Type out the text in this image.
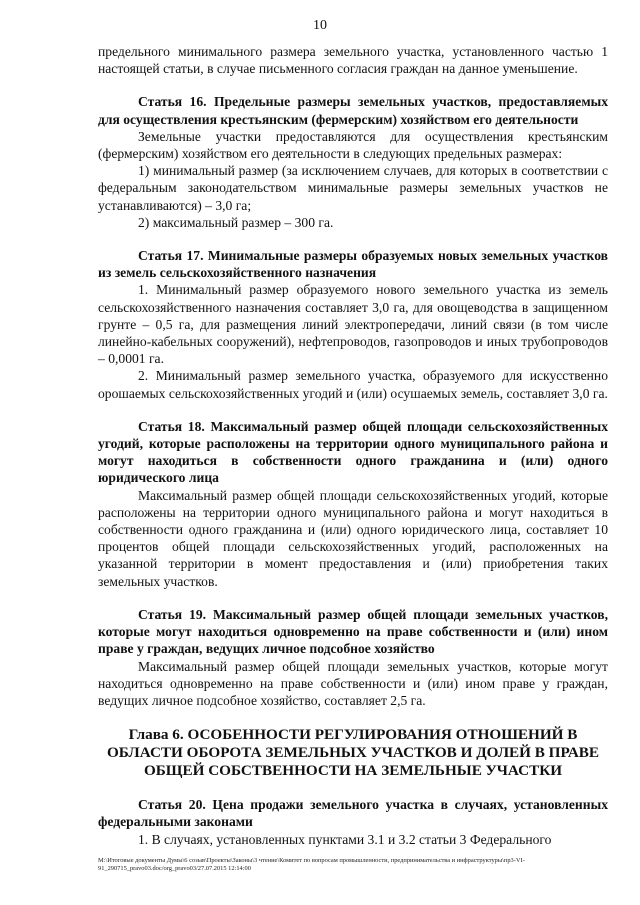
10

предельного минимального размера земельного участка, установленного частью 1 настоящей статьи, в случае письменного согласия граждан на данное уменьшение.

Статья 16. Предельные размеры земельных участков, предоставляемых для осуществления крестьянским (фермерским) хозяйством его деятельности

Земельные участки предоставляются для осуществления крестьянским (фермерским) хозяйством его деятельности в следующих предельных размерах:

1) минимальный размер (за исключением случаев, для которых в соответствии с федеральным законодательством минимальные размеры земельных участков не устанавливаются) – 3,0 га;

2) максимальный размер – 300 га.

Статья 17. Минимальные размеры образуемых новых земельных участков из земель сельскохозяйственного назначения

1. Минимальный размер образуемого нового земельного участка из земель сельскохозяйственного назначения составляет 3,0 га, для овощеводства в защищенном грунте – 0,5 га, для размещения линий электропередачи, линий связи (в том числе линейно-кабельных сооружений), нефтепроводов, газопроводов и иных трубопроводов – 0,0001 га.

2. Минимальный размер земельного участка, образуемого для искусственно орошаемых сельскохозяйственных угодий и (или) осушаемых земель, составляет 3,0 га.

Статья 18. Максимальный размер общей площади сельскохозяйственных угодий, которые расположены на территории одного муниципального района и могут находиться в собственности одного гражданина и (или) одного юридического лица

Максимальный размер общей площади сельскохозяйственных угодий, которые расположены на территории одного муниципального района и могут находиться в собственности одного гражданина и (или) одного юридического лица, составляет 10 процентов общей площади сельскохозяйственных угодий, расположенных на указанной территории в момент предоставления и (или) приобретения таких земельных участков.

Статья 19. Максимальный размер общей площади земельных участков, которые могут находиться одновременно на праве собственности и (или) ином праве у граждан, ведущих личное подсобное хозяйство

Максимальный размер общей площади земельных участков, которые могут находиться одновременно на праве собственности и (или) ином праве у граждан, ведущих личное подсобное хозяйство, составляет 2,5 га.

Глава 6. ОСОБЕННОСТИ РЕГУЛИРОВАНИЯ ОТНОШЕНИЙ В ОБЛАСТИ ОБОРОТА ЗЕМЕЛЬНЫХ УЧАСТКОВ И ДОЛЕЙ В ПРАВЕ ОБЩЕЙ СОБСТВЕННОСТИ НА ЗЕМЕЛЬНЫЕ УЧАСТКИ
Статья 20. Цена продажи земельного участка в случаях, установленных федеральными законами

1. В случаях, установленных пунктами 3.1 и 3.2 статьи 3 Федерального

M:\Итоговые документы Думы\6 созыв\Проекты\Законы\3 чтение\Комитет по вопросам промышленности, предпринимательства и инфраструктуры\пр3-VI-91_290715_pravo03.doc/org_pravo03/27.07.2015 12:14:00
